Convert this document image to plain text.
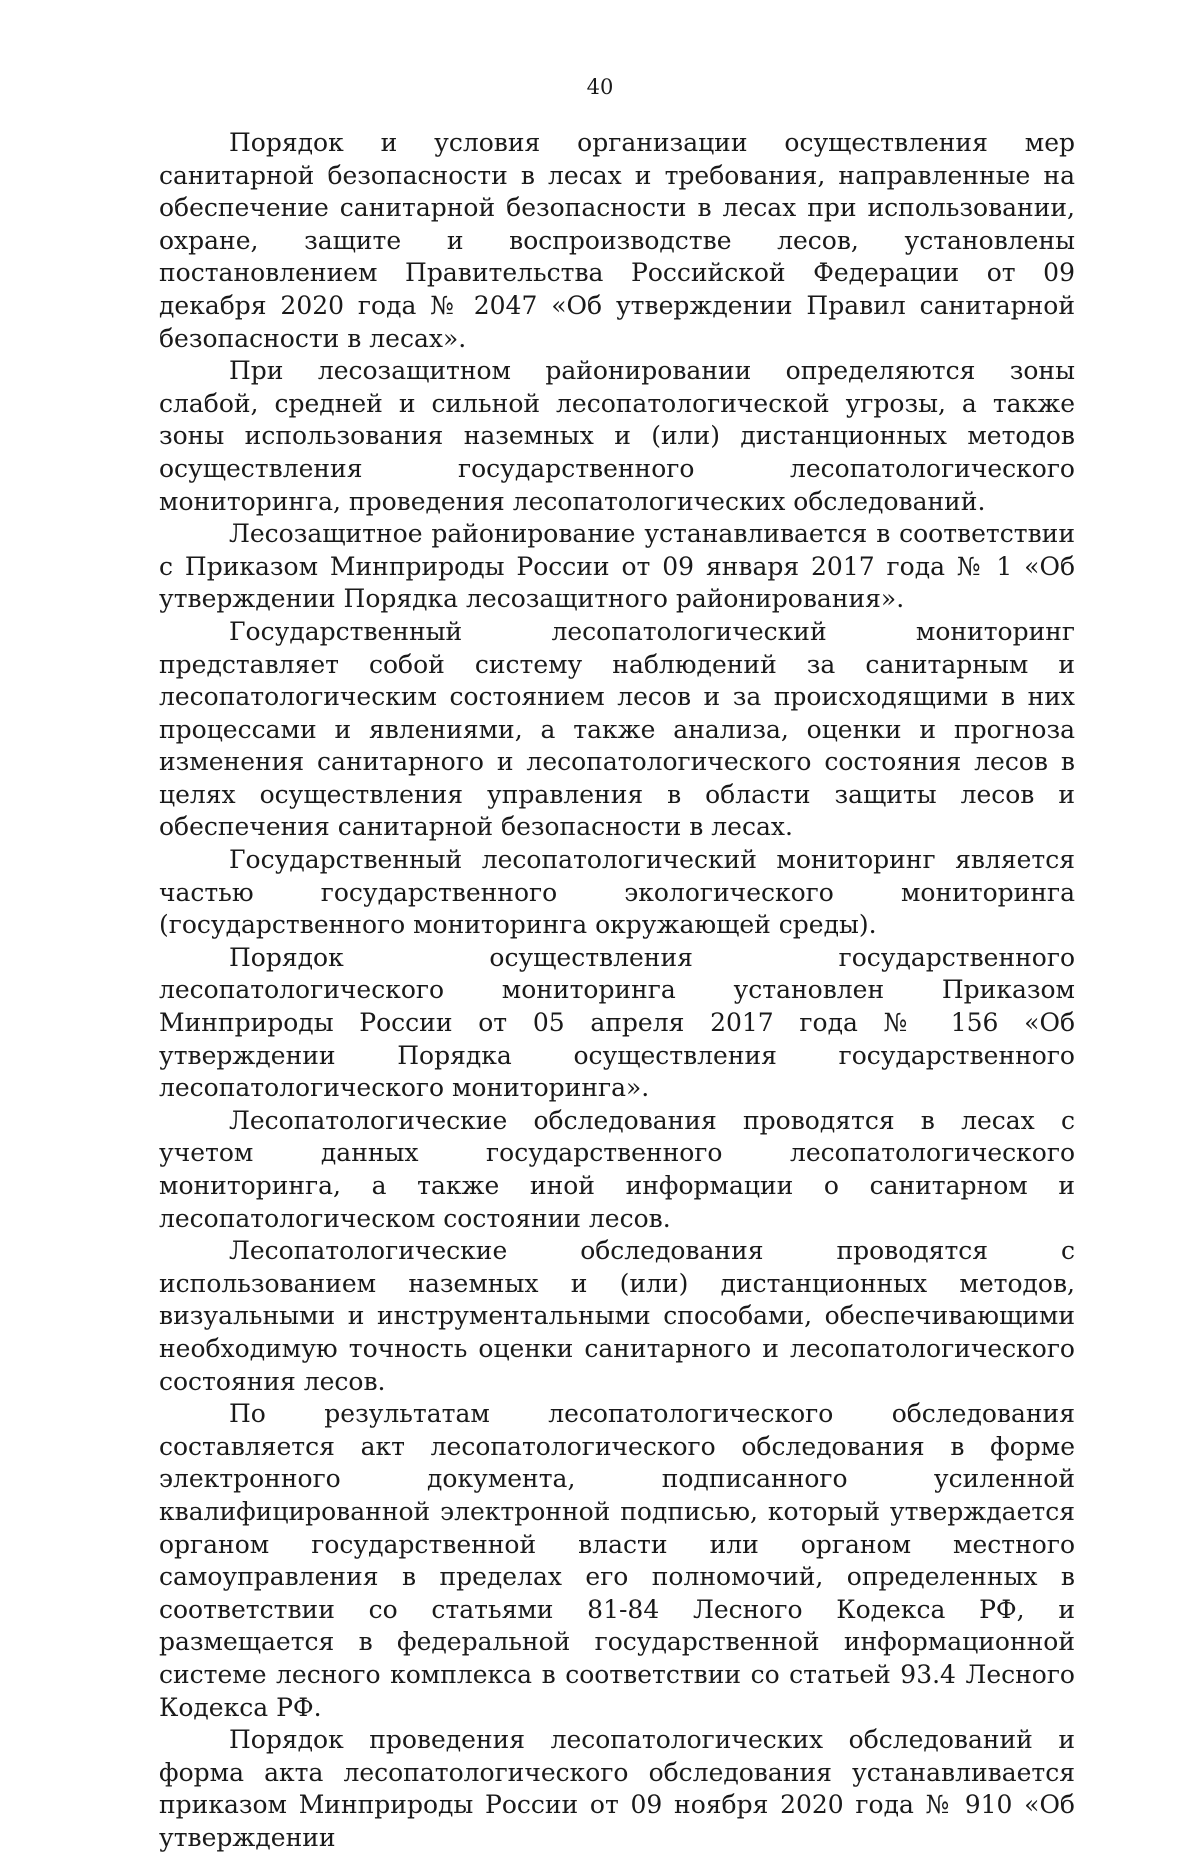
40

Порядок и условия организации осуществления мер санитарной безопасности в лесах и требования, направленные на обеспечение санитарной безопасности в лесах при использовании, охране, защите и воспроизводстве лесов, установлены постановлением Правительства Российской Федерации от 09 декабря 2020 года № 2047 «Об утверждении Правил санитарной безопасности в лесах».

При лесозащитном районировании определяются зоны слабой, средней и сильной лесопатологической угрозы, а также зоны использования наземных и (или) дистанционных методов осуществления государственного лесопатологического мониторинга, проведения лесопатологических обследований.

Лесозащитное районирование устанавливается в соответствии с Приказом Минприроды России от 09 января 2017 года № 1 «Об утверждении Порядка лесозащитного районирования».

Государственный лесопатологический мониторинг представляет собой систему наблюдений за санитарным и лесопатологическим состоянием лесов и за происходящими в них процессами и явлениями, а также анализа, оценки и прогноза изменения санитарного и лесопатологического состояния лесов в целях осуществления управления в области защиты лесов и обеспечения санитарной безопасности в лесах.

Государственный лесопатологический мониторинг является частью государственного экологического мониторинга (государственного мониторинга окружающей среды).

Порядок осуществления государственного лесопатологического мониторинга установлен Приказом Минприроды России от 05 апреля 2017 года № 156 «Об утверждении Порядка осуществления государственного лесопатологического мониторинга».

Лесопатологические обследования проводятся в лесах с учетом данных государственного лесопатологического мониторинга, а также иной информации о санитарном и лесопатологическом состоянии лесов.

Лесопатологические обследования проводятся с использованием наземных и (или) дистанционных методов, визуальными и инструментальными способами, обеспечивающими необходимую точность оценки санитарного и лесопатологического состояния лесов.

По результатам лесопатологического обследования составляется акт лесопатологического обследования в форме электронного документа, подписанного усиленной квалифицированной электронной подписью, который утверждается органом государственной власти или органом местного самоуправления в пределах его полномочий, определенных в соответствии со статьями 81-84 Лесного Кодекса РФ, и размещается в федеральной государственной информационной системе лесного комплекса в соответствии со статьей 93.4 Лесного Кодекса РФ.

Порядок проведения лесопатологических обследований и форма акта лесопатологического обследования устанавливается приказом Минприроды России от 09 ноября 2020 года № 910 «Об утверждении
